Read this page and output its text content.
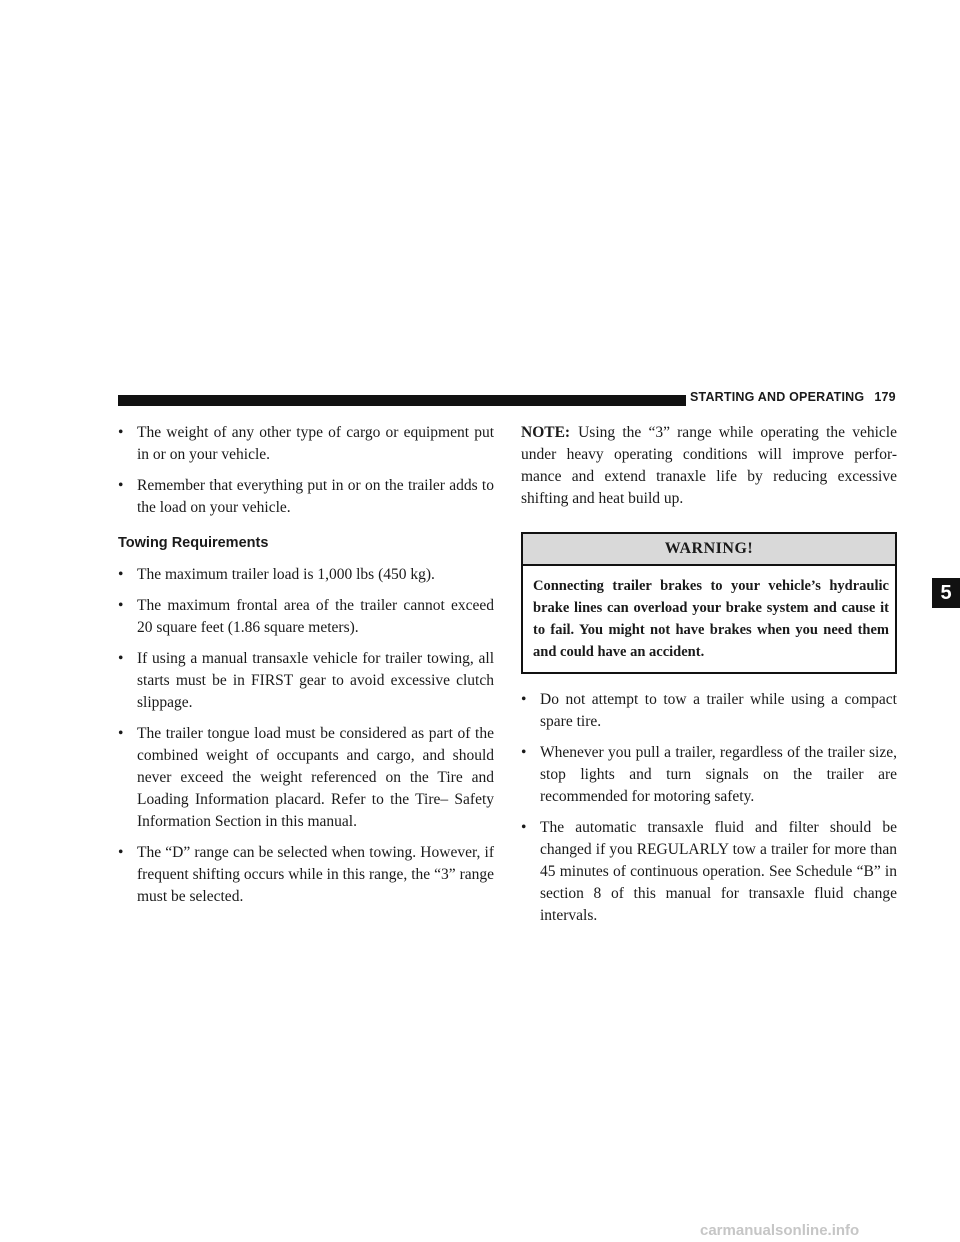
STARTING AND OPERATING 179
5
•
The weight of any other type of cargo or equipment put in or on your vehicle.
•
Remember that everything put in or on the trailer adds to the load on your vehicle.
Towing Requirements
•
The maximum trailer load is 1,000 lbs (450 kg).
•
The maximum frontal area of the trailer cannot exceed 20 square feet (1.86 square meters).
•
If using a manual transaxle vehicle for trailer towing, all starts must be in FIRST gear to avoid excessive clutch slippage.
•
The trailer tongue load must be considered as part of the combined weight of occupants and cargo, and should never exceed the weight referenced on the Tire and Loading Information placard. Refer to the Tire– Safety Information Section in this manual.
•
The “D” range can be selected when towing. However, if frequent shifting occurs while in this range, the “3” range must be selected.
NOTE: Using the “3” range while operating the vehicle under heavy operating conditions will improve perfor- mance and extend tranaxle life by reducing excessive shifting and heat build up.
WARNING!
Connecting trailer brakes to your vehicle’s hydraulic brake lines can overload your brake system and cause it to fail. You might not have brakes when you need them and could have an accident.
•
Do not attempt to tow a trailer while using a compact spare tire.
•
Whenever you pull a trailer, regardless of the trailer size, stop lights and turn signals on the trailer are recommended for motoring safety.
•
The automatic transaxle fluid and filter should be changed if you REGULARLY tow a trailer for more than 45 minutes of continuous operation. See Schedule “B” in section 8 of this manual for transaxle fluid change intervals.
carmanualsonline.info
